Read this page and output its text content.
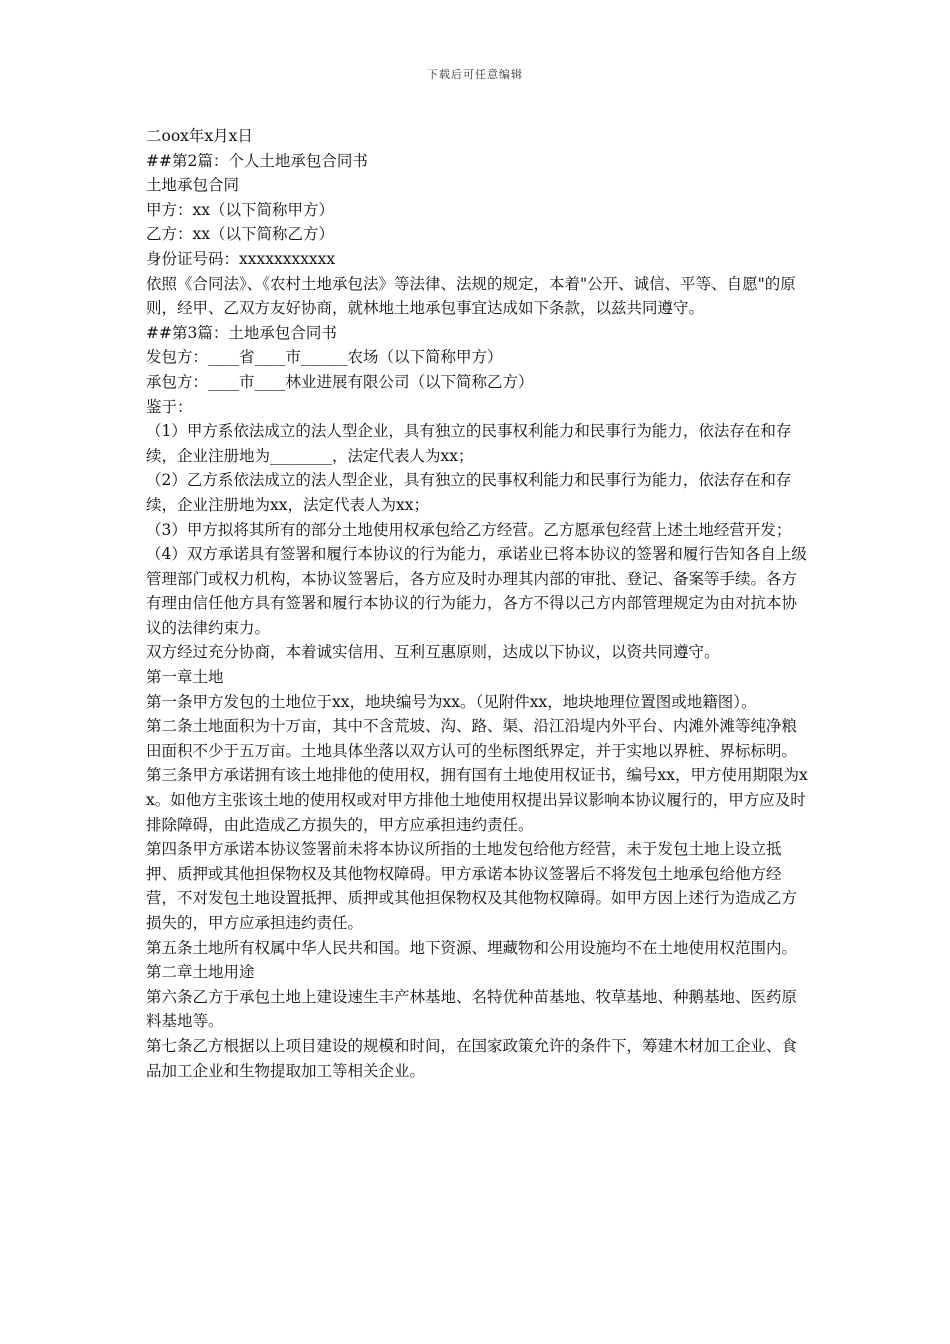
下载后可任意编辑

二oox年x月x日

##第2篇：个人土地承包合同书

土地承包合同

甲方：xx（以下简称甲方）

乙方：xx（以下简称乙方）

身份证号码：xxxxxxxxxxx

依照《合同法》、《农村土地承包法》等法律、法规的规定，本着"公开、诚信、平等、自愿"的原则，经甲、乙双方友好协商，就林地土地承包事宜达成如下条款，以兹共同遵守。

##第3篇：土地承包合同书

发包方：____省____市______农场（以下简称甲方）

承包方：____市____林业进展有限公司（以下简称乙方）

鉴于：

（1）甲方系依法成立的法人型企业，具有独立的民事权利能力和民事行为能力，依法存在和存续，企业注册地为________，法定代表人为xx；

（2）乙方系依法成立的法人型企业，具有独立的民事权利能力和民事行为能力，依法存在和存续，企业注册地为xx，法定代表人为xx；

（3）甲方拟将其所有的部分土地使用权承包给乙方经营。乙方愿承包经营上述土地经营开发；

（4）双方承诺具有签署和履行本协议的行为能力，承诺业已将本协议的签署和履行告知各自上级管理部门或权力机构，本协议签署后，各方应及时办理其内部的审批、登记、备案等手续。各方有理由信任他方具有签署和履行本协议的行为能力，各方不得以己方内部管理规定为由对抗本协议的法律约束力。

双方经过充分协商，本着诚实信用、互利互惠原则，达成以下协议，以资共同遵守。

第一章土地

第一条甲方发包的土地位于xx，地块编号为xx。（见附件xx，地块地理位置图或地籍图）。

第二条土地面积为十万亩，其中不含荒坡、沟、路、渠、沿江沿堤内外平台、内滩外滩等纯净粮田面积不少于五万亩。土地具体坐落以双方认可的坐标图纸界定，并于实地以界桩、界标标明。

第三条甲方承诺拥有该土地排他的使用权，拥有国有土地使用权证书，编号xx，甲方使用期限为xx。如他方主张该土地的使用权或对甲方排他土地使用权提出异议影响本协议履行的，甲方应及时排除障碍，由此造成乙方损失的，甲方应承担违约责任。

第四条甲方承诺本协议签署前未将本协议所指的土地发包给他方经营，未于发包土地上设立抵押、质押或其他担保物权及其他物权障碍。甲方承诺本协议签署后不将发包土地承包给他方经营，不对发包土地设置抵押、质押或其他担保物权及其他物权障碍。如甲方因上述行为造成乙方损失的，甲方应承担违约责任。

第五条土地所有权属中华人民共和国。地下资源、埋藏物和公用设施均不在土地使用权范围内。

第二章土地用途

第六条乙方于承包土地上建设速生丰产林基地、名特优种苗基地、牧草基地、种鹅基地、医药原料基地等。

第七条乙方根据以上项目建设的规模和时间，在国家政策允许的条件下，筹建木材加工企业、食品加工企业和生物提取加工等相关企业。
